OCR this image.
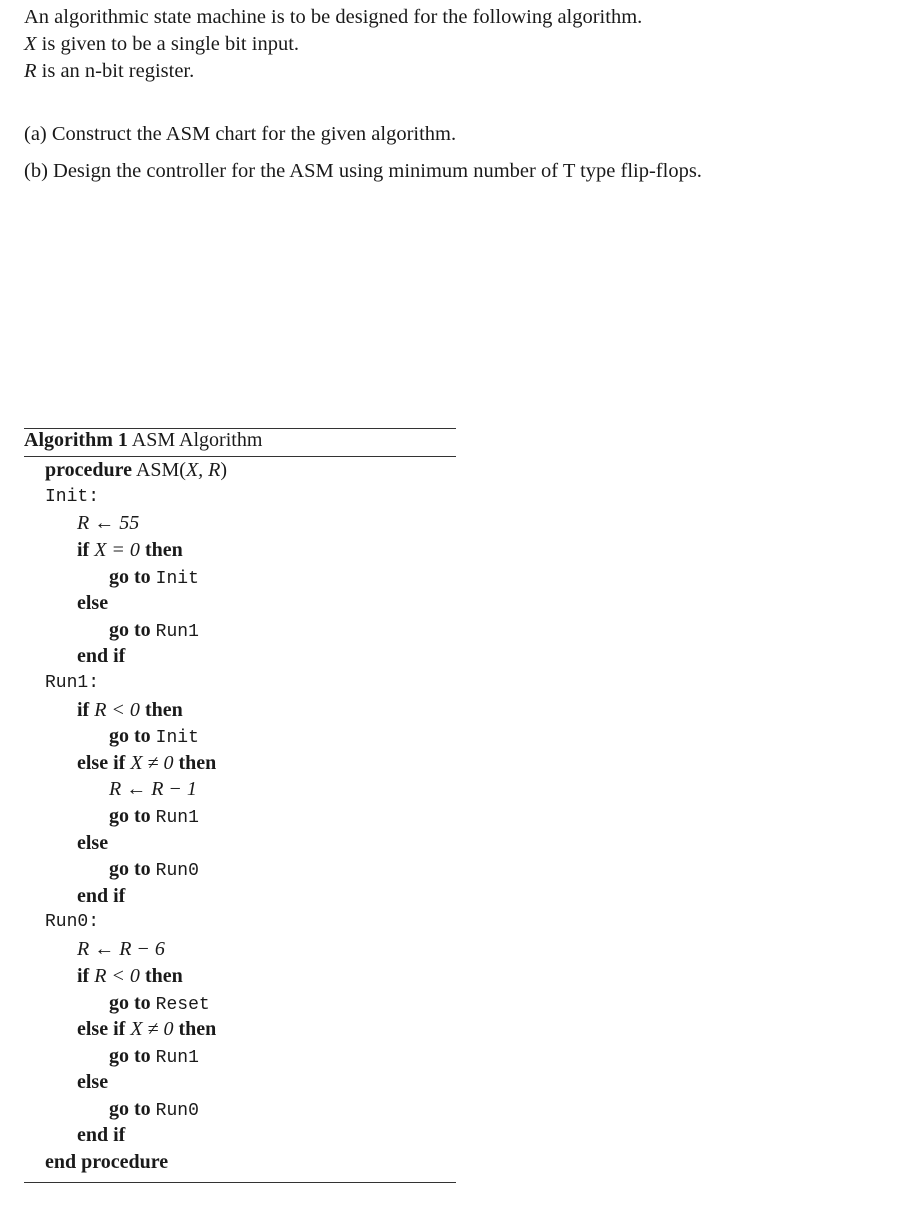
An algorithmic state machine is to be designed for the following algorithm.
X is given to be a single bit input.
R is an n-bit register.
(a) Construct the ASM chart for the given algorithm.
(b) Design the controller for the ASM using minimum number of T type flip-flops.
Algorithm 1 ASM Algorithm
procedure ASM(X, R)
Init:
R ← 55
if X = 0 then
go to Init
else
go to Run1
end if
Run1:
if R < 0 then
go to Init
else if X ≠ 0 then
R ← R − 1
go to Run1
else
go to Run0
end if
Run0:
R ← R − 6
if R < 0 then
go to Reset
else if X ≠ 0 then
go to Run1
else
go to Run0
end if
end procedure
